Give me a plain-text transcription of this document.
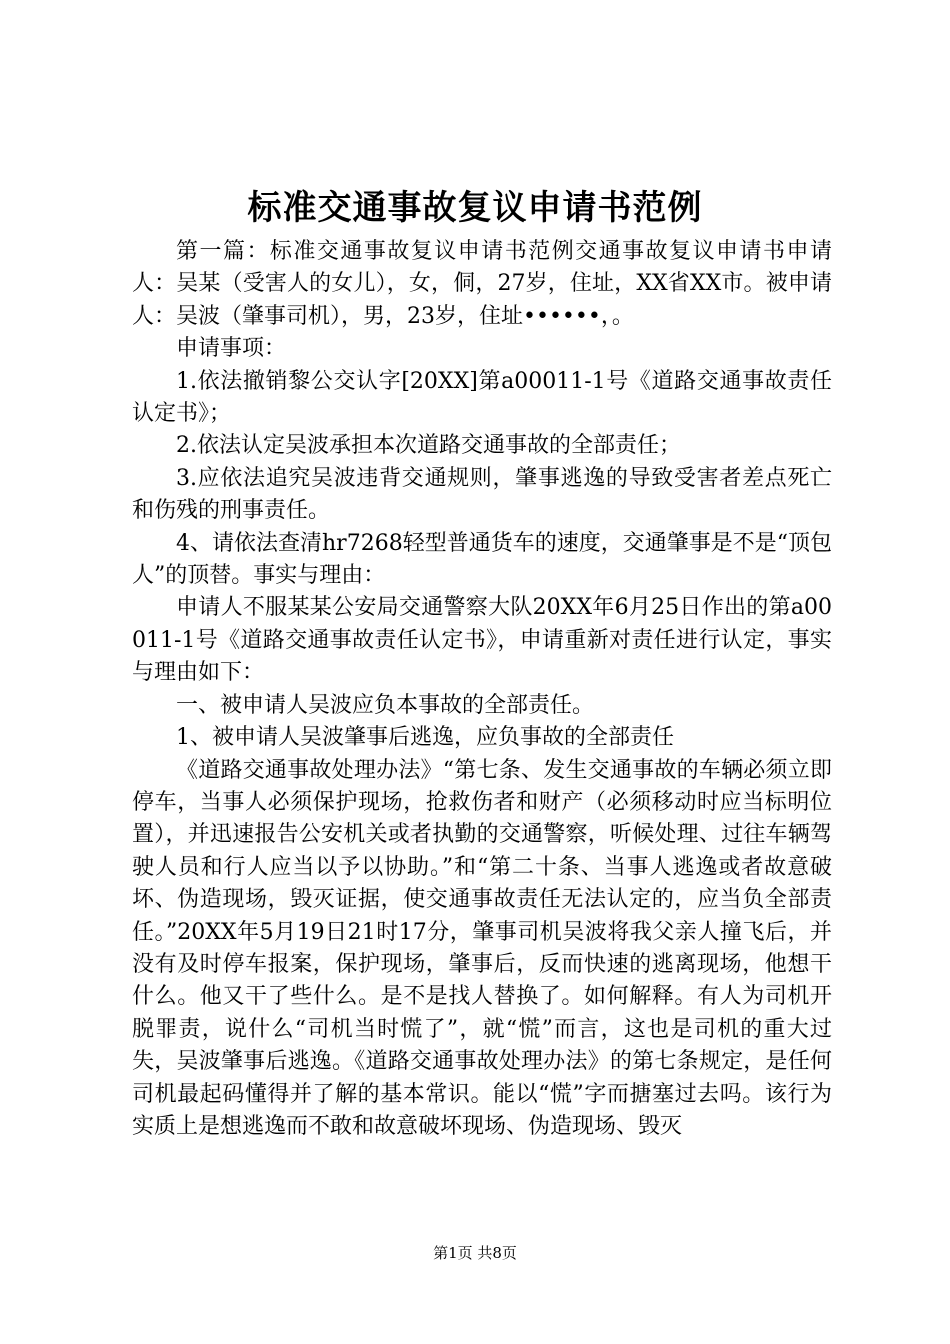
标准交通事故复议申请书范例

第一篇：标准交通事故复议申请书范例交通事故复议申请书申请人：吴某（受害人的女儿），女，侗，27岁，住址，XX省XX市。被申请人：吴波（肇事司机），男，23岁，住址••••••，。

申请事项：

1.依法撤销黎公交认字[20XX]第a00011-1号《道路交通事故责任认定书》；

2.依法认定吴波承担本次道路交通事故的全部责任；

3.应依法追究吴波违背交通规则，肇事逃逸的导致受害者差点死亡和伤残的刑事责任。

4、请依法查清hr7268轻型普通货车的速度，交通肇事是不是“顶包人”的顶替。事实与理由：

申请人不服某某公安局交通警察大队20XX年6月25日作出的第a00011-1号《道路交通事故责任认定书》，申请重新对责任进行认定，事实与理由如下：

一、被申请人吴波应负本事故的全部责任。

1、被申请人吴波肇事后逃逸，应负事故的全部责任

《道路交通事故处理办法》“第七条、发生交通事故的车辆必须立即停车，当事人必须保护现场，抢救伤者和财产（必须移动时应当标明位置），并迅速报告公安机关或者执勤的交通警察，听候处理、过往车辆驾驶人员和行人应当以予以协助。”和“第二十条、当事人逃逸或者故意破坏、伪造现场，毁灭证据，使交通事故责任无法认定的，应当负全部责任。”20XX年5月19日21时17分，肇事司机吴波将我父亲人撞飞后，并没有及时停车报案，保护现场，肇事后，反而快速的逃离现场，他想干什么。他又干了些什么。是不是找人替换了。如何解释。有人为司机开脱罪责，说什么“司机当时慌了”，就“慌”而言，这也是司机的重大过失，吴波肇事后逃逸。《道路交通事故处理办法》的第七条规定，是任何司机最起码懂得并了解的基本常识。能以“慌”字而搪塞过去吗。该行为实质上是想逃逸而不敢和故意破坏现场、伪造现场、毁灭

第1页 共8页
